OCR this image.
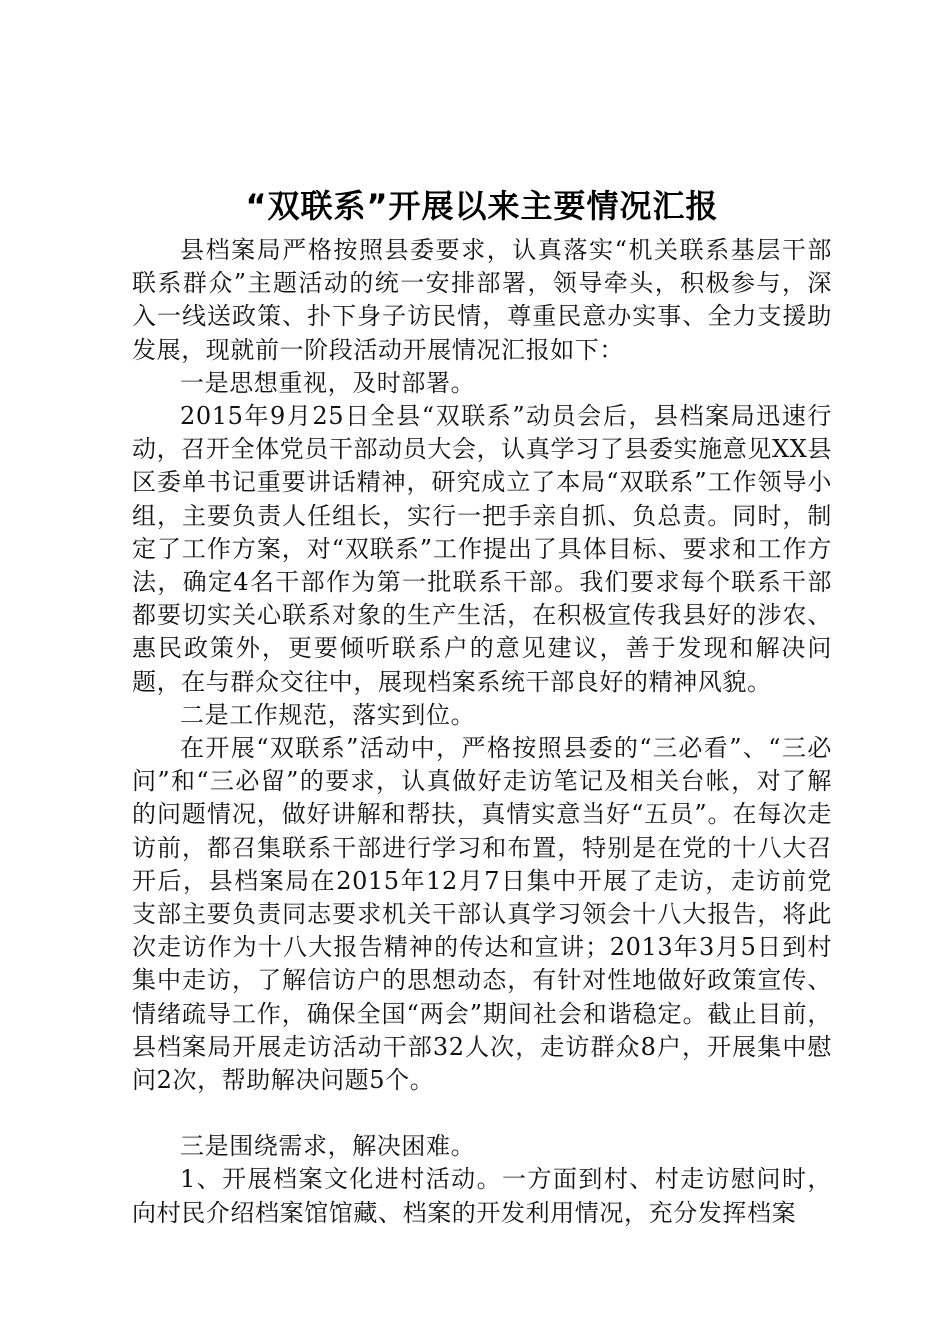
“双联系”开展以来主要情况汇报

县档案局严格按照县委要求，认真落实“机关联系基层干部联系群众”主题活动的统一安排部署，领导牵头，积极参与，深入一线送政策、扑下身子访民情，尊重民意办实事、全力支援助发展，现就前一阶段活动开展情况汇报如下：

一是思想重视，及时部署。

2015年9月25日全县“双联系”动员会后，县档案局迅速行动，召开全体党员干部动员大会，认真学习了县委实施意见XX县区委单书记重要讲话精神，研究成立了本局“双联系”工作领导小组，主要负责人任组长，实行一把手亲自抓、负总责。同时，制定了工作方案，对“双联系”工作提出了具体目标、要求和工作方法，确定4名干部作为第一批联系干部。我们要求每个联系干部都要切实关心联系对象的生产生活，在积极宣传我县好的涉农、惠民政策外，更要倾听联系户的意见建议，善于发现和解决问题，在与群众交往中，展现档案系统干部良好的精神风貌。

二是工作规范，落实到位。

在开展“双联系”活动中，严格按照县委的“三必看”、“三必问”和“三必留”的要求，认真做好走访笔记及相关台帐，对了解的问题情况，做好讲解和帮扶，真情实意当好“五员”。在每次走访前，都召集联系干部进行学习和布置，特别是在党的十八大召开后，县档案局在2015年12月7日集中开展了走访，走访前党支部主要负责同志要求机关干部认真学习领会十八大报告，将此次走访作为十八大报告精神的传达和宣讲；2013年3月5日到村集中走访，了解信访户的思想动态，有针对性地做好政策宣传、情绪疏导工作，确保全国“两会”期间社会和谐稳定。截止目前，县档案局开展走访活动干部32人次，走访群众8户，开展集中慰问2次，帮助解决问题5个。

三是围绕需求，解决困难。

1、开展档案文化进村活动。一方面到村、村走访慰问时，向村民介绍档案馆馆藏、档案的开发利用情况，充分发挥档案
